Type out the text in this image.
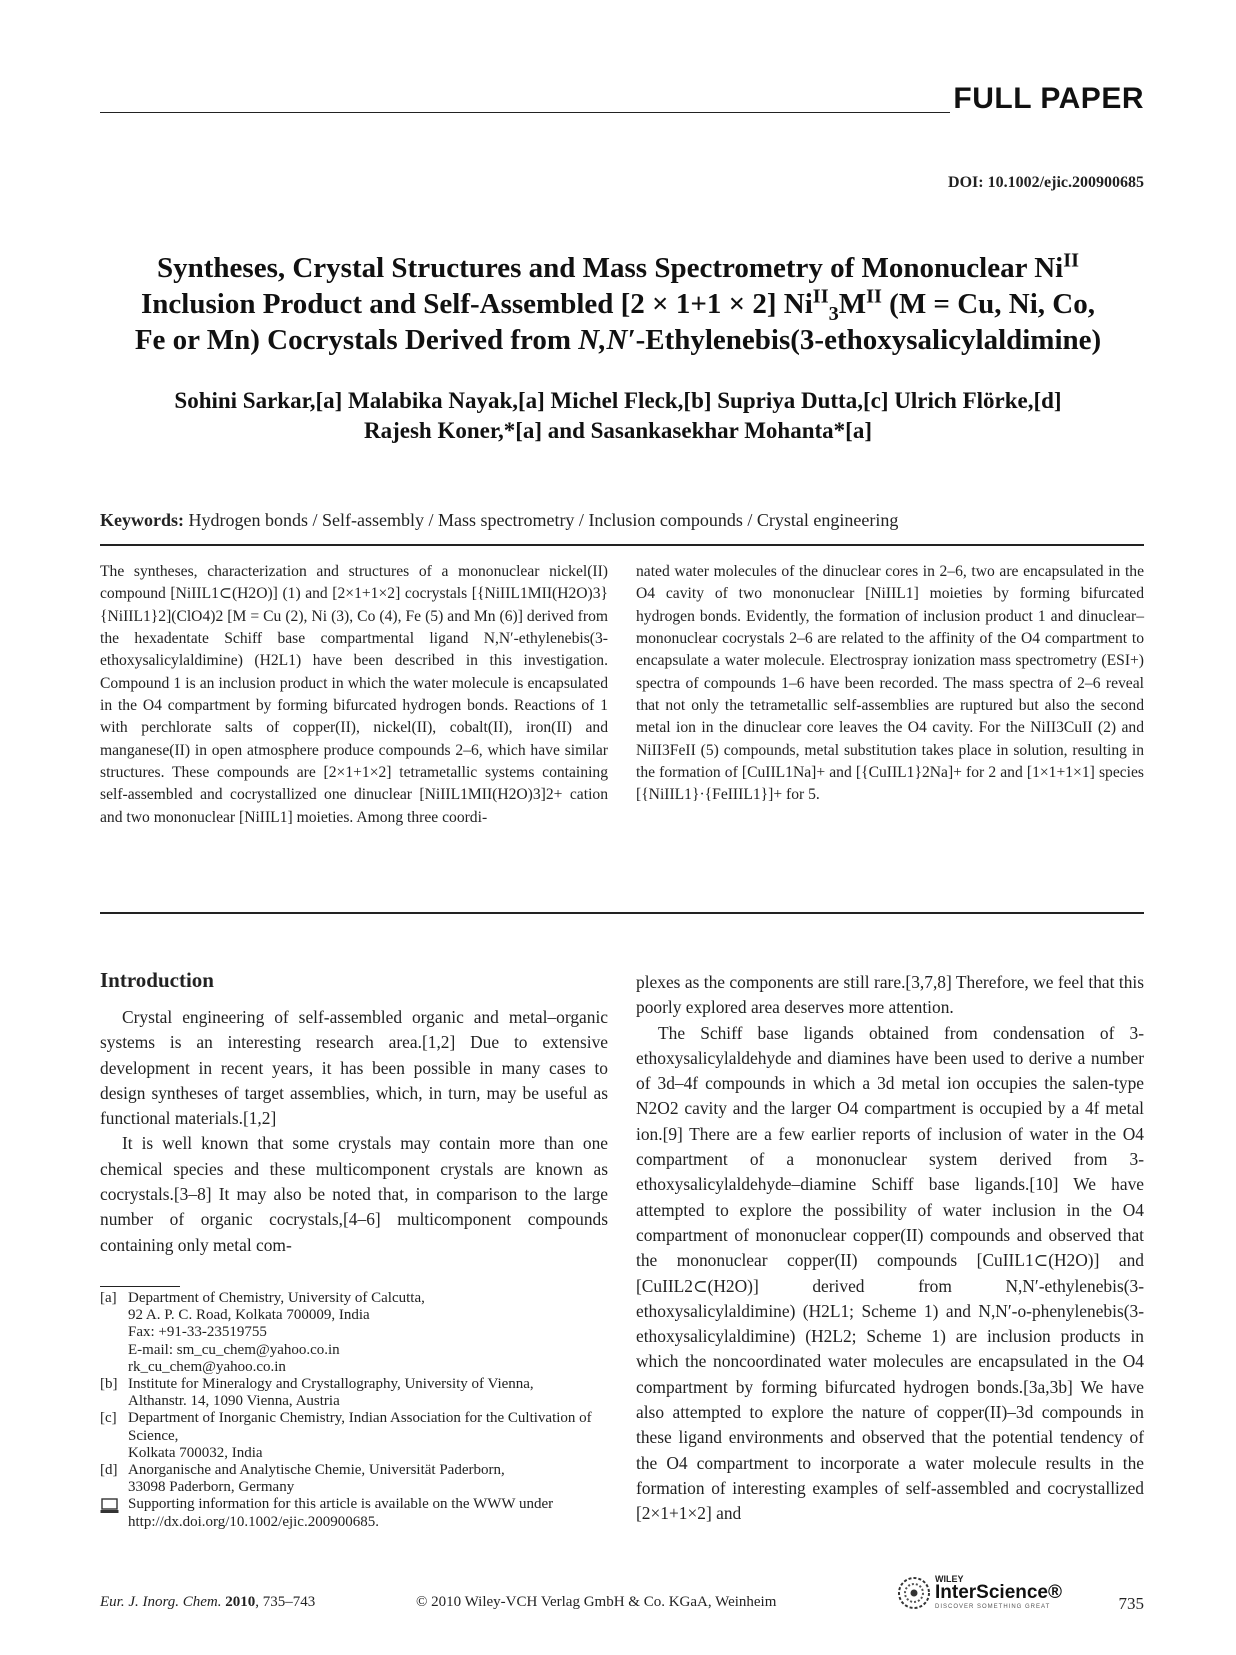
FULL PAPER
DOI: 10.1002/ejic.200900685
Syntheses, Crystal Structures and Mass Spectrometry of Mononuclear $Ni^{II}$
Inclusion Product and Self-Assembled [2 × 1+1 × 2] $Ni^{II}_3M^{II}$ (M = Cu, Ni, Co,
Fe or Mn) Cocrystals Derived from N,N′-Ethylenebis(3-ethoxysalicylaldimine)
Sohini Sarkar,[a] Malabika Nayak,[a] Michel Fleck,[b] Supriya Dutta,[c] Ulrich Flörke,[d]
Rajesh Koner,*[a] and Sasankasekhar Mohanta*[a]
Keywords: Hydrogen bonds / Self-assembly / Mass spectrometry / Inclusion compounds / Crystal engineering

The syntheses, characterization and structures of a mononuclear nickel(II) compound [NiIIL1⊂(H2O)] (1) and [2×1+1×2] cocrystals [{NiIIL1MII(H2O)3}{NiIIL1}2](ClO4)2 [M = Cu (2), Ni (3), Co (4), Fe (5) and Mn (6)] derived from the hexadentate Schiff base compartmental ligand N,N′-ethylenebis(3-ethoxysalicylaldimine) (H2L1) have been described in this investigation. Compound 1 is an inclusion product in which the water molecule is encapsulated in the O4 compartment by forming bifurcated hydrogen bonds. Reactions of 1 with perchlorate salts of copper(II), nickel(II), cobalt(II), iron(II) and manganese(II) in open atmosphere produce compounds 2–6, which have similar structures. These compounds are [2×1+1×2] tetrametallic systems containing self-assembled and cocrystallized one dinuclear [NiIIL1MII(H2O)3]2+ cation and two mononuclear [NiIIL1] moieties. Among three coordi-

nated water molecules of the dinuclear cores in 2–6, two are encapsulated in the O4 cavity of two mononuclear [NiIIL1] moieties by forming bifurcated hydrogen bonds. Evidently, the formation of inclusion product 1 and dinuclear–mononuclear cocrystals 2–6 are related to the affinity of the O4 compartment to encapsulate a water molecule. Electrospray ionization mass spectrometry (ESI+) spectra of compounds 1–6 have been recorded. The mass spectra of 2–6 reveal that not only the tetrametallic self-assemblies are ruptured but also the second metal ion in the dinuclear core leaves the O4 cavity. For the NiII3CuII (2) and NiII3FeII (5) compounds, metal substitution takes place in solution, resulting in the formation of [CuIIL1Na]+ and [{CuIIL1}2Na]+ for 2 and [1×1+1×1] species [{NiIIL1}·{FeIIIL1}]+ for 5.

Introduction

Crystal engineering of self-assembled organic and metal–organic systems is an interesting research area.[1,2] Due to extensive development in recent years, it has been possible in many cases to design syntheses of target assemblies, which, in turn, may be useful as functional materials.[1,2]

It is well known that some crystals may contain more than one chemical species and these multicomponent crystals are known as cocrystals.[3–8] It may also be noted that, in comparison to the large number of organic cocrystals,[4–6] multicomponent compounds containing only metal com-

[a] Department of Chemistry, University of Calcutta,
92 A. P. C. Road, Kolkata 700009, India
Fax: +91-33-23519755
E-mail: sm_cu_chem@yahoo.co.in
rk_cu_chem@yahoo.co.in
[b] Institute for Mineralogy and Crystallography, University of Vienna,
Althanstr. 14, 1090 Vienna, Austria
[c] Department of Inorganic Chemistry, Indian Association for the Cultivation of Science,
Kolkata 700032, India
[d] Anorganische and Analytische Chemie, Universität Paderborn,
33098 Paderborn, Germany
Supporting information for this article is available on the WWW under http://dx.doi.org/10.1002/ejic.200900685.

plexes as the components are still rare.[3,7,8] Therefore, we feel that this poorly explored area deserves more attention.

The Schiff base ligands obtained from condensation of 3-ethoxysalicylaldehyde and diamines have been used to derive a number of 3d–4f compounds in which a 3d metal ion occupies the salen-type N2O2 cavity and the larger O4 compartment is occupied by a 4f metal ion.[9] There are a few earlier reports of inclusion of water in the O4 compartment of a mononuclear system derived from 3-ethoxysalicylaldehyde–diamine Schiff base ligands.[10] We have attempted to explore the possibility of water inclusion in the O4 compartment of mononuclear copper(II) compounds and observed that the mononuclear copper(II) compounds [CuIIL1⊂(H2O)] and [CuIIL2⊂(H2O)] derived from N,N′-ethylenebis(3-ethoxysalicylaldimine) (H2L1; Scheme 1) and N,N′-o-phenylenebis(3-ethoxysalicylaldimine) (H2L2; Scheme 1) are inclusion products in which the noncoordinated water molecules are encapsulated in the O4 compartment by forming bifurcated hydrogen bonds.[3a,3b] We have also attempted to explore the nature of copper(II)–3d compounds in these ligand environments and observed that the potential tendency of the O4 compartment to incorporate a water molecule results in the formation of interesting examples of self-assembled and cocrystallized [2×1+1×2] and

Eur. J. Inorg. Chem. 2010, 735–743	© 2010 Wiley-VCH Verlag GmbH & Co. KGaA, Weinheim
WILEY
InterScience®
DISCOVER SOMETHING GREAT	735
